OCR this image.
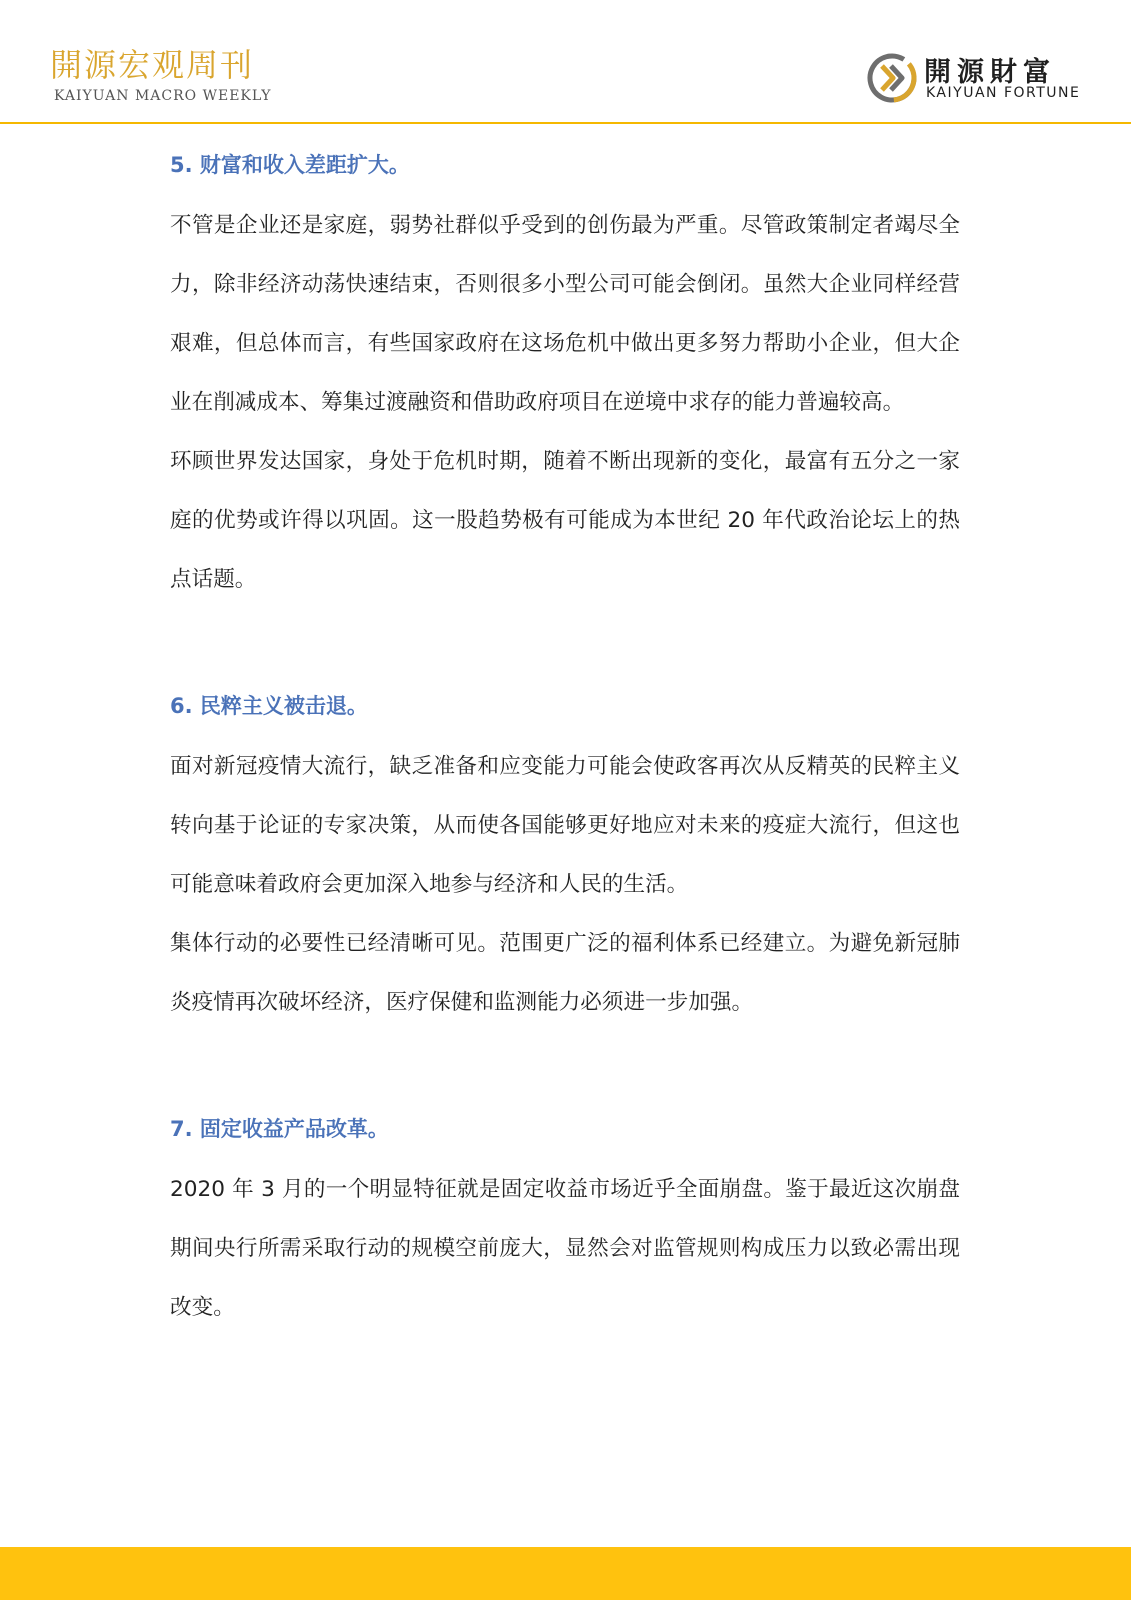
開源宏观周刊
KAIYUAN MACRO WEEKLY
開源財富
KAIYUAN FORTUNE
5. 财富和收入差距扩大。

不管是企业还是家庭，弱势社群似乎受到的创伤最为严重。尽管政策制定者竭尽全力，除非经济动荡快速结束，否则很多小型公司可能会倒闭。虽然大企业同样经营艰难，但总体而言，有些国家政府在这场危机中做出更多努力帮助小企业，但大企业在削减成本、筹集过渡融资和借助政府项目在逆境中求存的能力普遍较高。

环顾世界发达国家，身处于危机时期，随着不断出现新的变化，最富有五分之一家庭的优势或许得以巩固。这一股趋势极有可能成为本世纪 20 年代政治论坛上的热点话题。

6. 民粹主义被击退。

面对新冠疫情大流行，缺乏准备和应变能力可能会使政客再次从反精英的民粹主义转向基于论证的专家决策，从而使各国能够更好地应对未来的疫症大流行，但这也可能意味着政府会更加深入地参与经济和人民的生活。

集体行动的必要性已经清晰可见。范围更广泛的福利体系已经建立。为避免新冠肺炎疫情再次破坏经济，医疗保健和监测能力必须进一步加强。

7. 固定收益产品改革。

2020 年 3 月的一个明显特征就是固定收益市场近乎全面崩盘。鉴于最近这次崩盘期间央行所需采取行动的规模空前庞大，显然会对监管规则构成压力以致必需出现改变。
